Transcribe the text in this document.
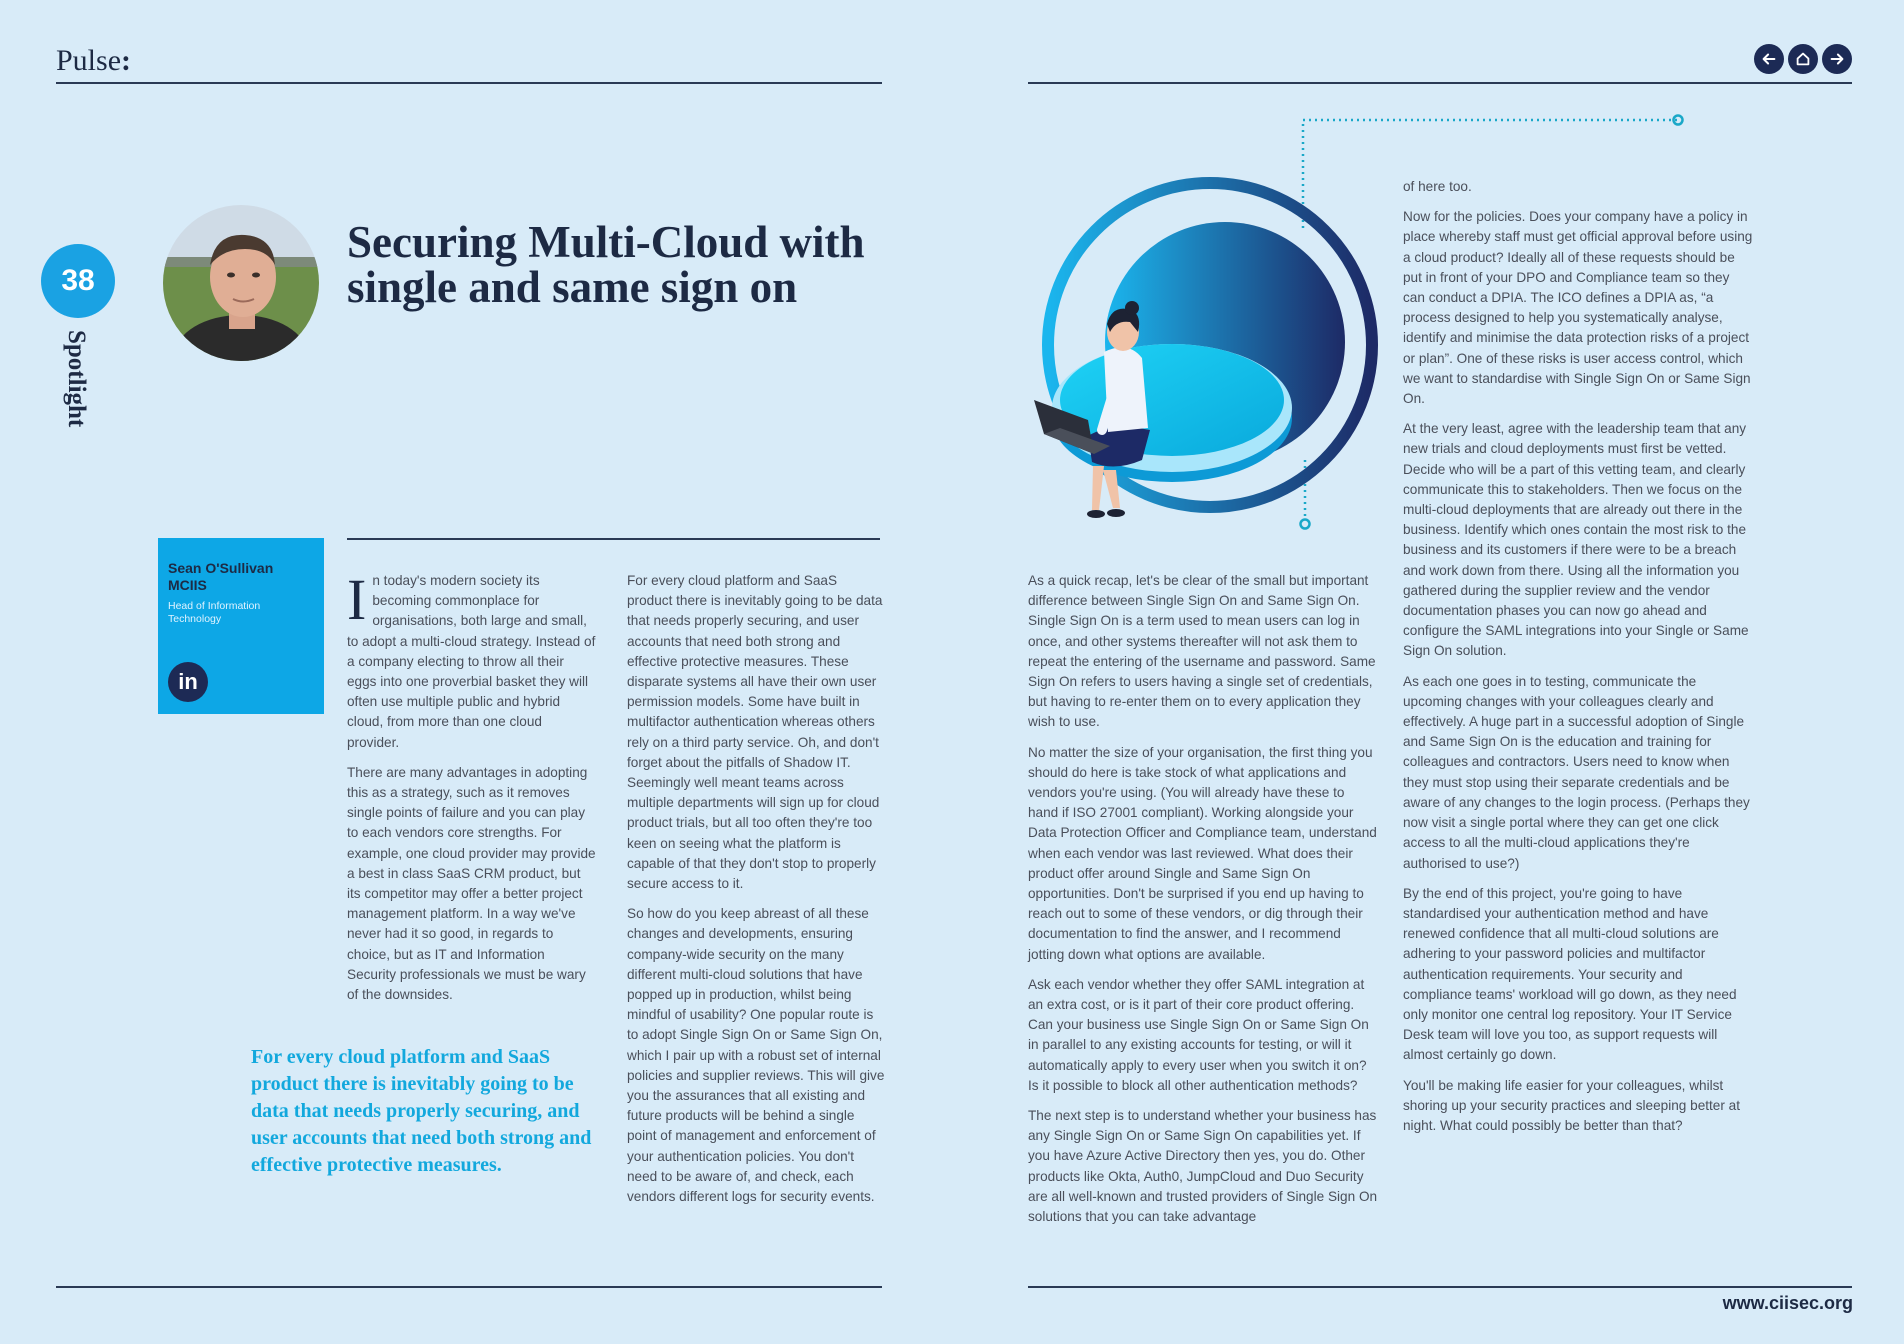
Pulse:
38
Spotlight
Securing Multi-Cloud with single and same sign on
Sean O'Sullivan MCIIS
Head of Information Technology
in

In today's modern society its becoming commonplace for organisations, both large and small, to adopt a multi-cloud strategy. Instead of a company electing to throw all their eggs into one proverbial basket they will often use multiple public and hybrid cloud, from more than one cloud provider.

There are many advantages in adopting this as a strategy, such as it removes single points of failure and you can play to each vendors core strengths. For example, one cloud provider may provide a best in class SaaS CRM product, but its competitor may offer a better project management platform. In a way we've never had it so good, in regards to choice, but as IT and Information Security professionals we must be wary of the downsides.

For every cloud platform and SaaS product there is inevitably going to be data that needs properly securing, and user accounts that need both strong and effective protective measures.

For every cloud platform and SaaS product there is inevitably going to be data that needs properly securing, and user accounts that need both strong and effective protective measures. These disparate systems all have their own user permission models. Some have built in multifactor authentication whereas others rely on a third party service. Oh, and don't forget about the pitfalls of Shadow IT. Seemingly well meant teams across multiple departments will sign up for cloud product trials, but all too often they're too keen on seeing what the platform is capable of that they don't stop to properly secure access to it.

So how do you keep abreast of all these changes and developments, ensuring company-wide security on the many different multi-cloud solutions that have popped up in production, whilst being mindful of usability? One popular route is to adopt Single Sign On or Same Sign On, which I pair up with a robust set of internal policies and supplier reviews. This will give you the assurances that all existing and future products will be behind a single point of management and enforcement of your authentication policies. You don't need to be aware of, and check, each vendors different logs for security events.

As a quick recap, let's be clear of the small but important difference between Single Sign On and Same Sign On. Single Sign On is a term used to mean users can log in once, and other systems thereafter will not ask them to repeat the entering of the username and password. Same Sign On refers to users having a single set of credentials, but having to re-enter them on to every application they wish to use.

No matter the size of your organisation, the first thing you should do here is take stock of what applications and vendors you're using. (You will already have these to hand if ISO 27001 compliant). Working alongside your Data Protection Officer and Compliance team, understand when each vendor was last reviewed. What does their product offer around Single and Same Sign On opportunities. Don't be surprised if you end up having to reach out to some of these vendors, or dig through their documentation to find the answer, and I recommend jotting down what options are available.

Ask each vendor whether they offer SAML integration at an extra cost, or is it part of their core product offering. Can your business use Single Sign On or Same Sign On in parallel to any existing accounts for testing, or will it automatically apply to every user when you switch it on? Is it possible to block all other authentication methods?

The next step is to understand whether your business has any Single Sign On or Same Sign On capabilities yet. If you have Azure Active Directory then yes, you do. Other products like Okta, Auth0, JumpCloud and Duo Security are all well-known and trusted providers of Single Sign On solutions that you can take advantage

of here too.

Now for the policies. Does your company have a policy in place whereby staff must get official approval before using a cloud product? Ideally all of these requests should be put in front of your DPO and Compliance team so they can conduct a DPIA. The ICO defines a DPIA as, “a process designed to help you systematically analyse, identify and minimise the data protection risks of a project or plan”. One of these risks is user access control, which we want to standardise with Single Sign On or Same Sign On.

At the very least, agree with the leadership team that any new trials and cloud deployments must first be vetted. Decide who will be a part of this vetting team, and clearly communicate this to stakeholders. Then we focus on the multi-cloud deployments that are already out there in the business. Identify which ones contain the most risk to the business and its customers if there were to be a breach and work down from there. Using all the information you gathered during the supplier review and the vendor documentation phases you can now go ahead and configure the SAML integrations into your Single or Same Sign On solution.

As each one goes in to testing, communicate the upcoming changes with your colleagues clearly and effectively. A huge part in a successful adoption of Single and Same Sign On is the education and training for colleagues and contractors. Users need to know when they must stop using their separate credentials and be aware of any changes to the login process. (Perhaps they now visit a single portal where they can get one click access to all the multi-cloud applications they're authorised to use?)

By the end of this project, you're going to have standardised your authentication method and have renewed confidence that all multi-cloud solutions are adhering to your password policies and multifactor authentication requirements. Your security and compliance teams' workload will go down, as they need only monitor one central log repository. Your IT Service Desk team will love you too, as support requests will almost certainly go down.

You'll be making life easier for your colleagues, whilst shoring up your security practices and sleeping better at night. What could possibly be better than that?

www.ciisec.org
